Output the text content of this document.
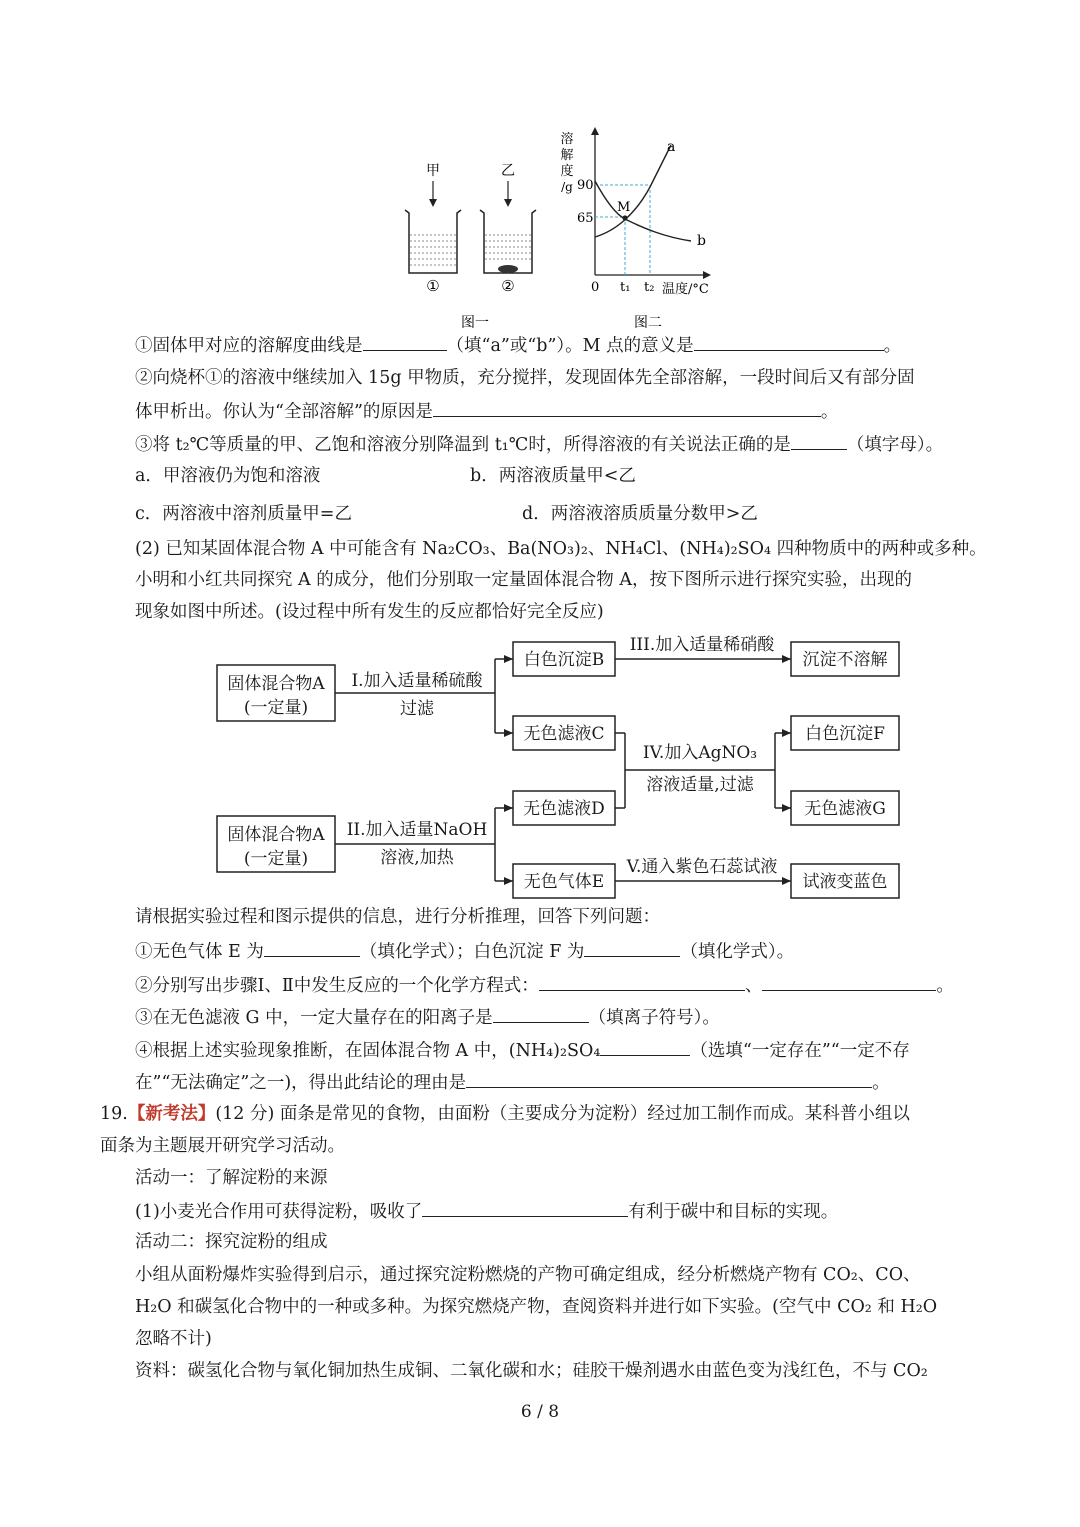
甲	乙
①	②
图一
溶
解
度
/g
M
a
b
90
65
0 t₁ t₂ 温度/°C
图二
①固体甲对应的溶解度曲线是	（填“a”或“b”）。M 点的意义是	。
②向烧杯①的溶液中继续加入 15g 甲物质，充分搅拌，发现固体先全部溶解，一段时间后又有部分固
体甲析出。你认为“全部溶解”的原因是	。
③将 t₂℃等质量的甲、乙饱和溶液分别降温到 t₁℃时，所得溶液的有关说法正确的是	（填字母）。
a．甲溶液仍为饱和溶液	b．两溶液质量甲<乙
c．两溶液中溶剂质量甲=乙	d．两溶液溶质质量分数甲>乙
(2) 已知某固体混合物 A 中可能含有 Na₂CO₃、Ba(NO₃)₂、NH₄Cl、(NH₄)₂SO₄ 四种物质中的两种或多种。
小明和小红共同探究 A 的成分，他们分别取一定量固体混合物 A，按下图所示进行探究实验，出现的
现象如图中所述。(设过程中所有发生的反应都恰好完全反应)
固体混合物A
(一定量)
I.加入适量稀硫酸
过滤
白色沉淀B
III.加入适量稀硝酸
沉淀不溶解
无色滤液C
IV.加入AgNO₃
溶液适量,过滤
白色沉淀F
无色滤液G
无色滤液D
固体混合物A
(一定量)
II.加入适量NaOH
溶液,加热
无色气体E
V.通入紫色石蕊试液
试液变蓝色
请根据实验过程和图示提供的信息，进行分析推理，回答下列问题：
①无色气体 E 为	（填化学式）；白色沉淀 F 为	（填化学式）。
②分别写出步骤Ⅰ、Ⅱ中发生反应的一个化学方程式：	、	。
③在无色滤液 G 中，一定大量存在的阳离子是	（填离子符号）。
④根据上述实验现象推断，在固体混合物 A 中，(NH₄)₂SO₄	（选填“一定存在”“一定不存
在”“无法确定”之一)，得出此结论的理由是	。
19.【新考法】(12 分) 面条是常见的食物，由面粉（主要成分为淀粉）经过加工制作而成。某科普小组以
面条为主题展开研究学习活动。
活动一：了解淀粉的来源
(1)小麦光合作用可获得淀粉，吸收了	有利于碳中和目标的实现。
活动二：探究淀粉的组成
小组从面粉爆炸实验得到启示，通过探究淀粉燃烧的产物可确定组成，经分析燃烧产物有 CO₂、CO、
H₂O 和碳氢化合物中的一种或多种。为探究燃烧产物，查阅资料并进行如下实验。(空气中 CO₂ 和 H₂O
忽略不计)
资料：碳氢化合物与氧化铜加热生成铜、二氧化碳和水；硅胶干燥剂遇水由蓝色变为浅红色，不与 CO₂
6 / 8
